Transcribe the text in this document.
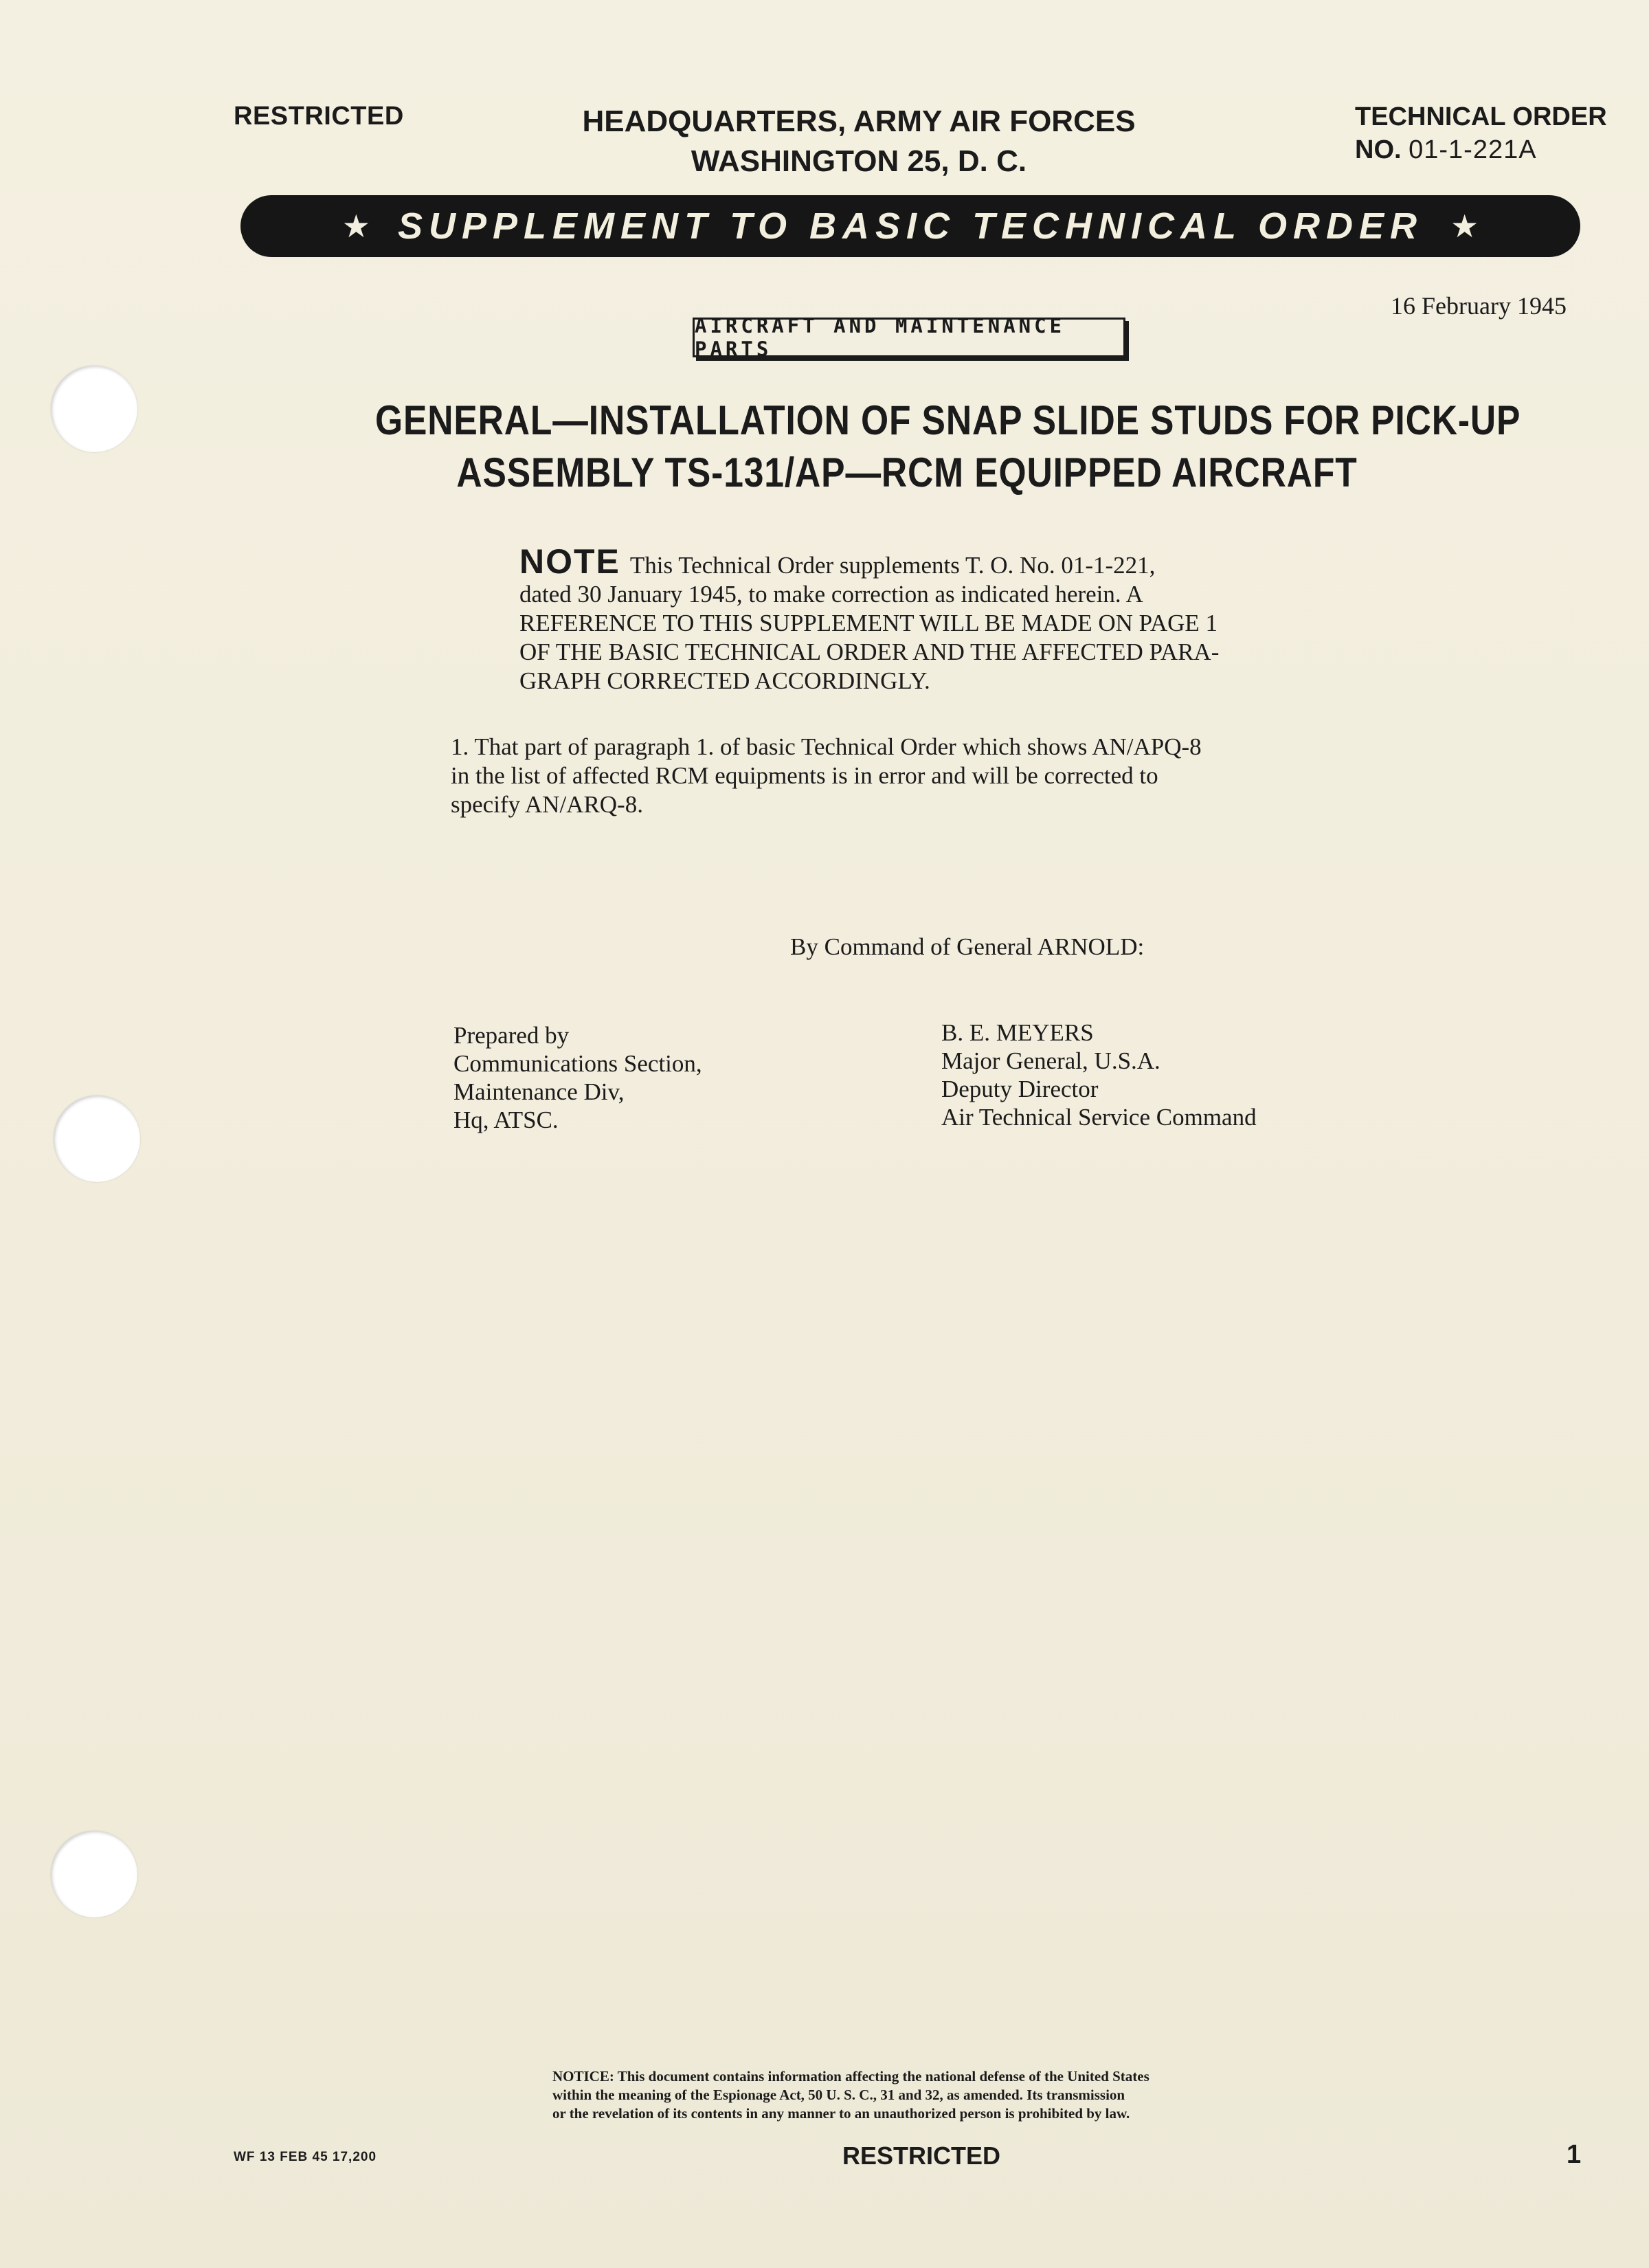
RESTRICTED	HEADQUARTERS, ARMY AIR FORCES
WASHINGTON 25, D. C.
TECHNICAL ORDER
NO. 01-1-221A
★ SUPPLEMENT TO BASIC TECHNICAL ORDER ★
16 February 1945
AIRCRAFT AND MAINTENANCE PARTS
GENERAL—INSTALLATION OF SNAP SLIDE STUDS FOR PICK-UP
ASSEMBLY TS-131/AP—RCM EQUIPPED AIRCRAFT
NOTE This Technical Order supplements T. O. No. 01-1-221,
dated 30 January 1945, to make correction as indicated herein. A
REFERENCE TO THIS SUPPLEMENT WILL BE MADE ON PAGE 1
OF THE BASIC TECHNICAL ORDER AND THE AFFECTED PARA-
GRAPH CORRECTED ACCORDINGLY.
1. That part of paragraph 1. of basic Technical Order which shows AN/APQ-8
in the list of affected RCM equipments is in error and will be corrected to
specify AN/ARQ-8.
By Command of General ARNOLD:
Prepared by
Communications Section,
Maintenance Div,
Hq, ATSC.
B. E. MEYERS
Major General, U.S.A.
Deputy Director
Air Technical Service Command
NOTICE: This document contains information affecting the national defense of the United States
within the meaning of the Espionage Act, 50 U. S. C., 31 and 32, as amended. Its transmission
or the revelation of its contents in any manner to an unauthorized person is prohibited by law.
WF 13 FEB 45 17,200	RESTRICTED	1
